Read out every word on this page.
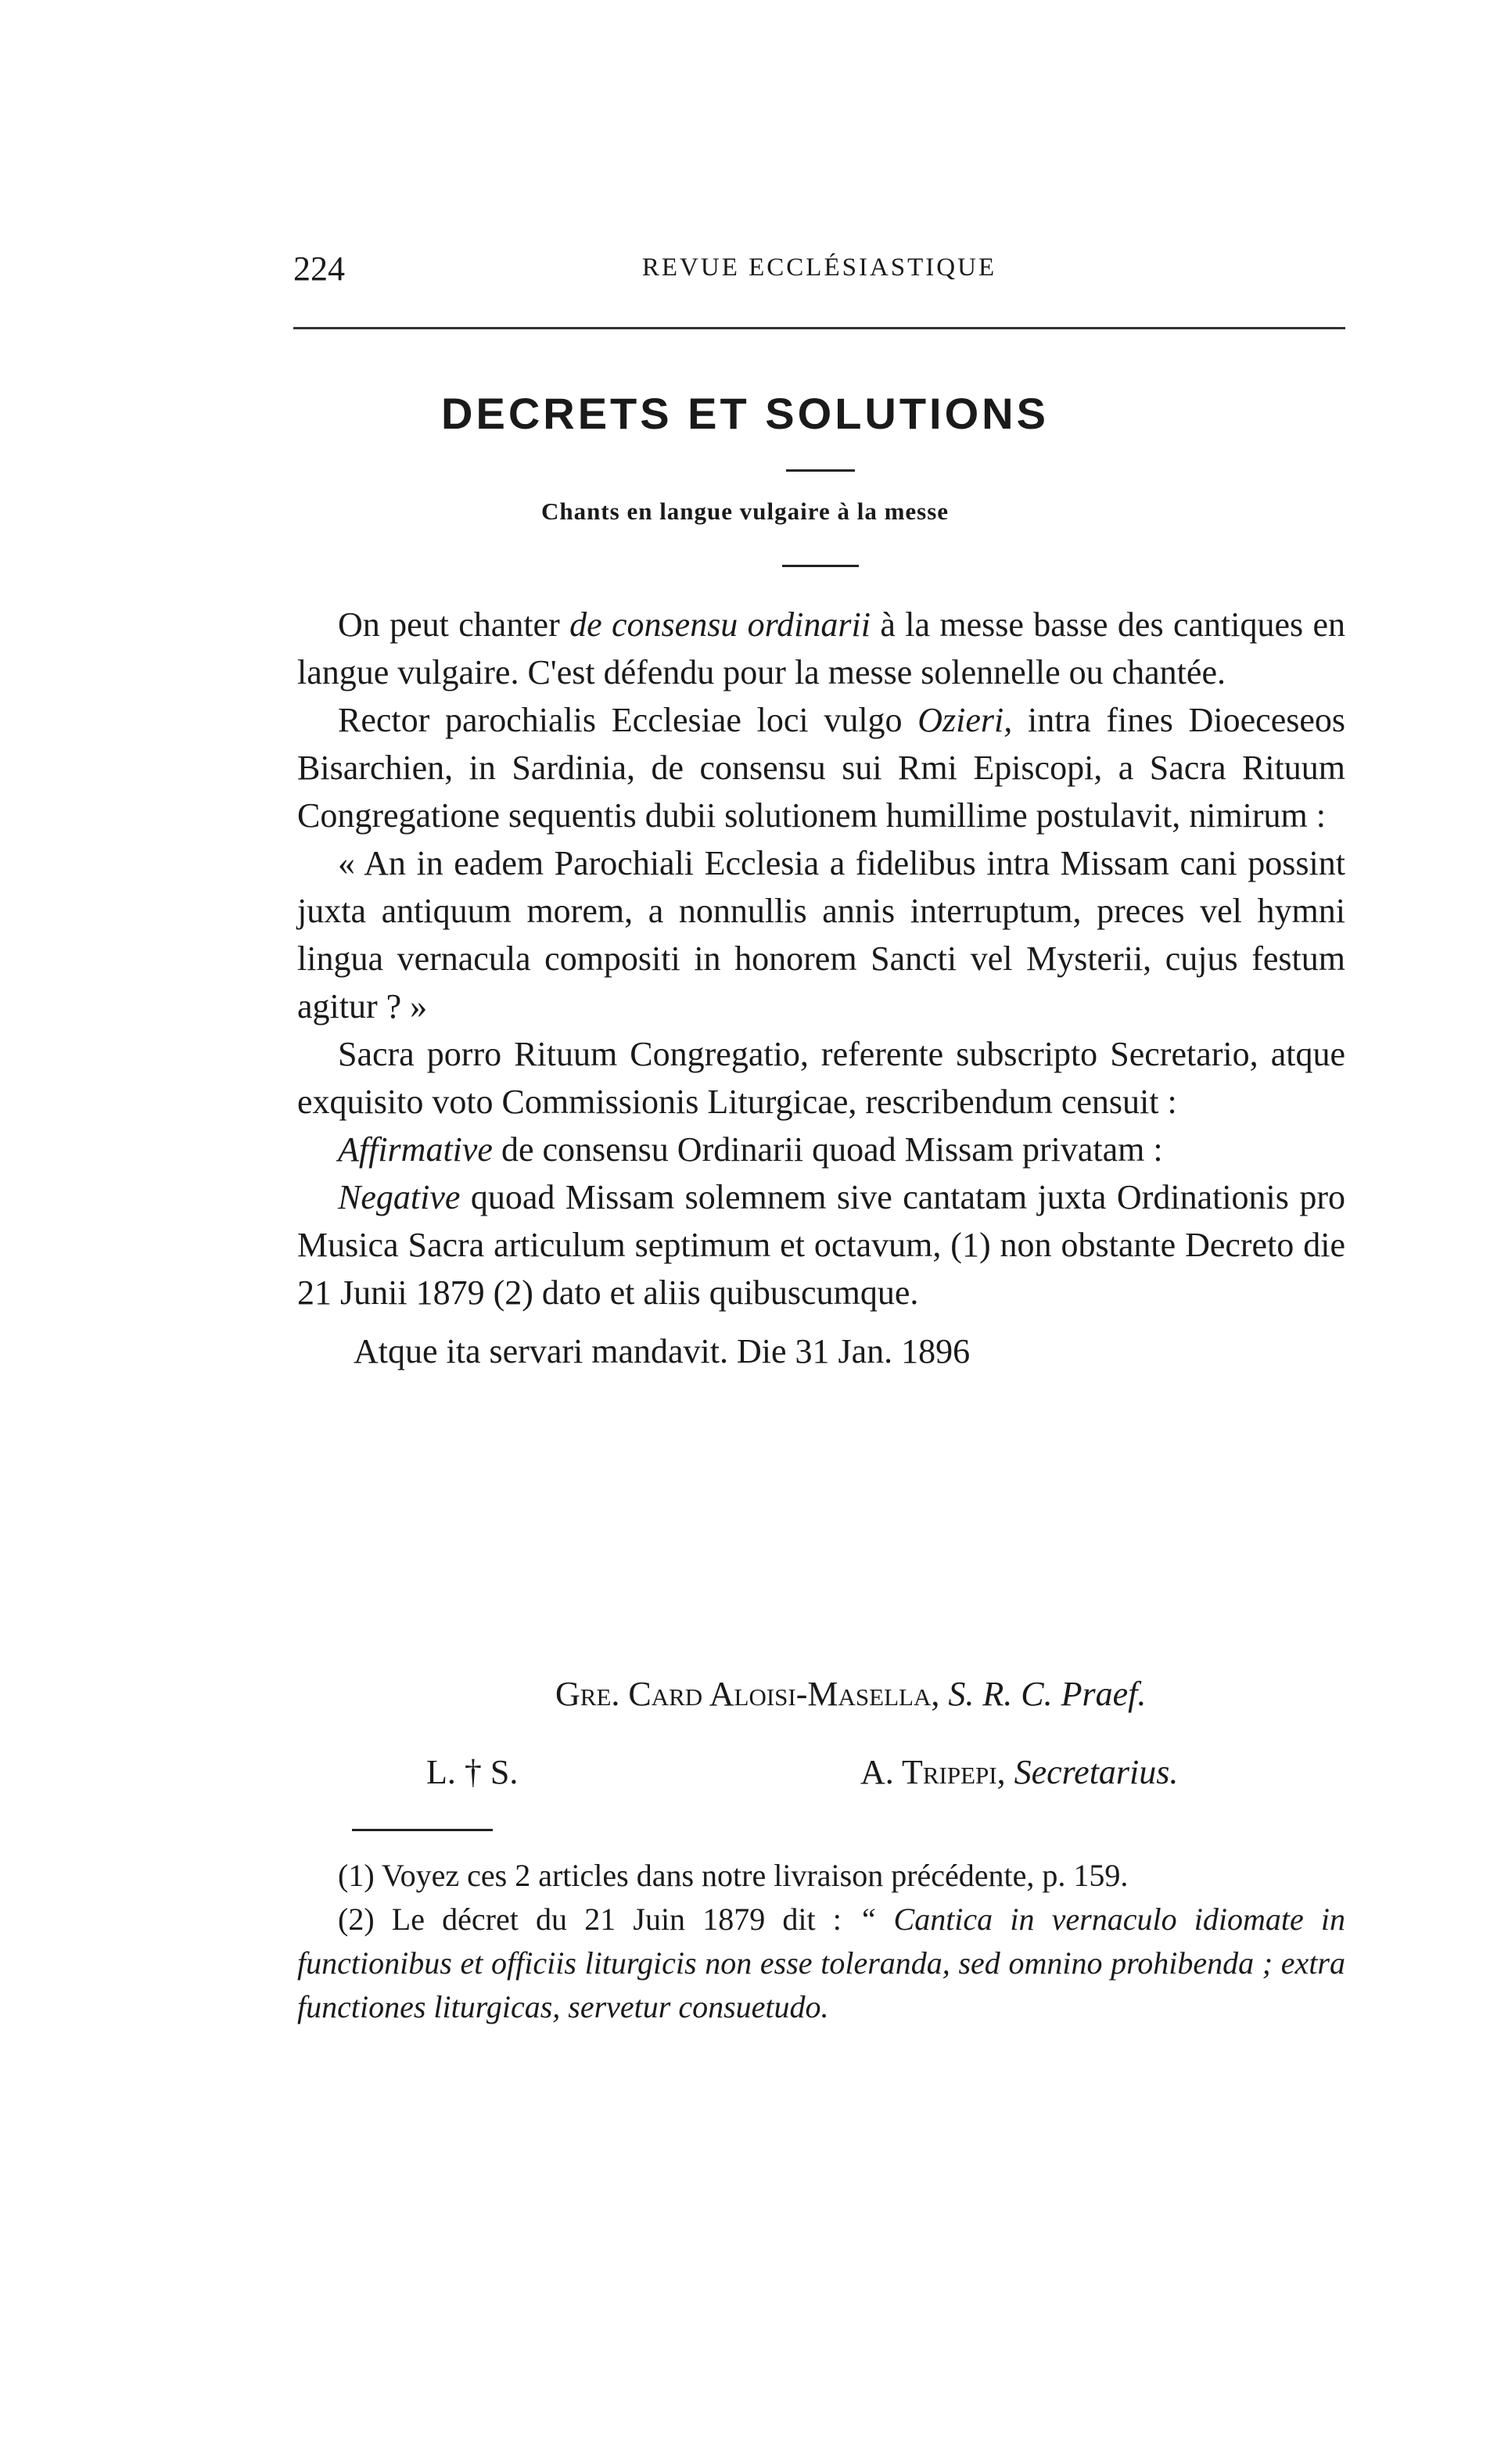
224	REVUE ECCLÉSIASTIQUE
DECRETS ET SOLUTIONS
Chants en langue vulgaire à la messe

On peut chanter de consensu ordinarii à la messe basse des cantiques en langue vulgaire. C'est défendu pour la messe solennelle ou chantée.

Rector parochialis Ecclesiae loci vulgo Ozieri, intra fines Dioeceseos Bisarchien, in Sardinia, de consensu sui Rmi Episcopi, a Sacra Rituum Congregatione sequentis dubii solutionem humillime postulavit, nimirum :

« An in eadem Parochiali Ecclesia a fidelibus intra Missam cani possint juxta antiquum morem, a nonnullis annis interruptum, preces vel hymni lingua vernacula compositi in honorem Sancti vel Mysterii, cujus festum agitur ? »

Sacra porro Rituum Congregatio, referente subscripto Secretario, atque exquisito voto Commissionis Liturgicae, rescribendum censuit :

Affirmative de consensu Ordinarii quoad Missam privatam :

Negative quoad Missam solemnem sive cantatam juxta Ordinationis pro Musica Sacra articulum septimum et octavum, (1) non obstante Decreto die 21 Junii 1879 (2) dato et aliis quibuscumque.

Atque ita servari mandavit. Die 31 Jan. 1896

Gre. Card Aloisi-Masella, S. R. C. Praef.
L. † S.	A. Tripepi, Secretarius.

(1) Voyez ces 2 articles dans notre livraison précédente, p. 159.

(2) Le décret du 21 Juin 1879 dit : “ Cantica in vernaculo idiomate in functionibus et officiis liturgicis non esse toleranda, sed omnino prohibenda ; extra functiones liturgicas, servetur consuetudo.
